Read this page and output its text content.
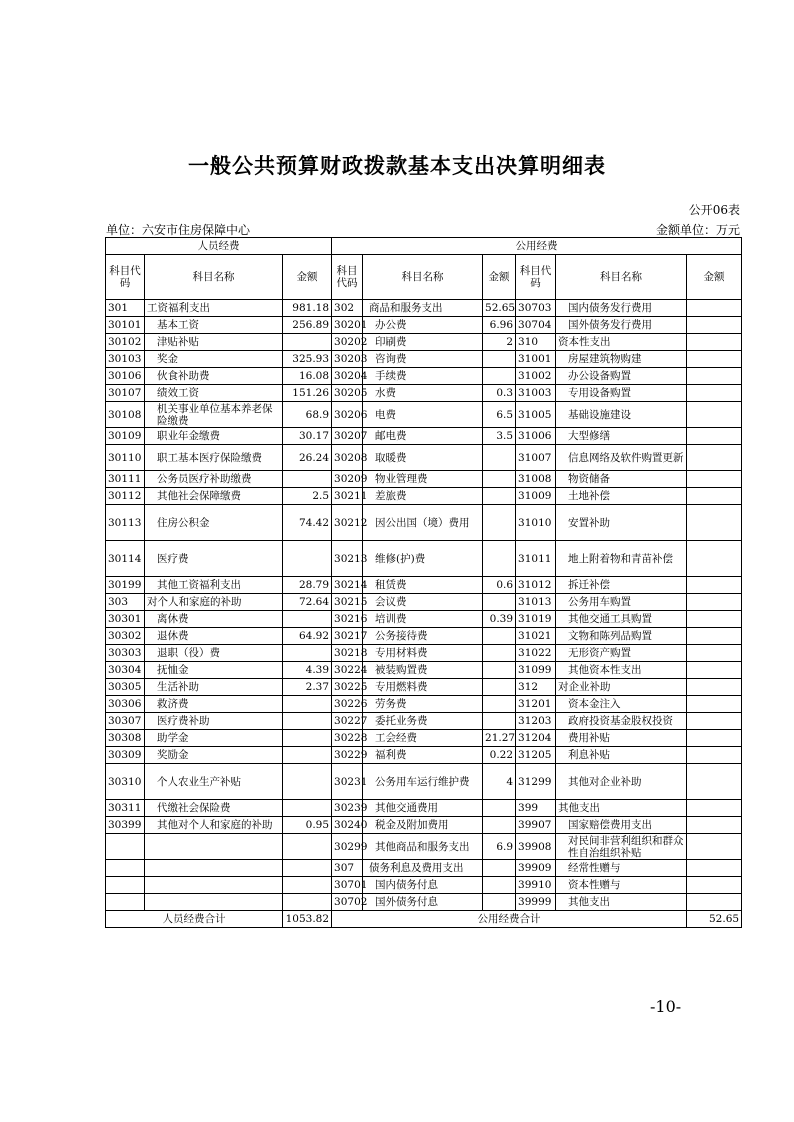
一般公共预算财政拨款基本支出决算明细表
公开06表
单位：六安市住房保障中心	金额单位：万元
人员经费			公用经费					
科目代码	科目名称	金额	科目代码	科目名称	金额	科目代码	科目名称	金额
301	工资福利支出	981.18	302	商品和服务支出	52.65	30703	国内债务发行费用	
30101	基本工资	256.89	30201	办公费	6.96	30704	国外债务发行费用	
30102	津贴补贴		30202	印刷费	2	310	资本性支出	
30103	奖金	325.93	30203	咨询费		31001	房屋建筑物购建	
30106	伙食补助费	16.08	30204	手续费		31002	办公设备购置	
30107	绩效工资	151.26	30205	水费	0.3	31003	专用设备购置	
30108	机关事业单位基本养老保险缴费	68.9	30206	电费	6.5	31005	基础设施建设	
30109	职业年金缴费	30.17	30207	邮电费	3.5	31006	大型修缮	
30110	职工基本医疗保险缴费	26.24	30208	取暖费		31007	信息网络及软件购置更新	
30111	公务员医疗补助缴费		30209	物业管理费		31008	物资储备	
30112	其他社会保障缴费	2.5	30211	差旅费		31009	土地补偿	
30113	住房公积金	74.42	30212	因公出国（境）费用		31010	安置补助	
30114	医疗费		30213	维修(护)费		31011	地上附着物和青苗补偿	
30199	其他工资福利支出	28.79	30214	租赁费	0.6	31012	拆迁补偿	
303	对个人和家庭的补助	72.64	30215	会议费		31013	公务用车购置	
30301	离休费		30216	培训费	0.39	31019	其他交通工具购置	
30302	退休费	64.92	30217	公务接待费		31021	文物和陈列品购置	
30303	退职（役）费		30218	专用材料费		31022	无形资产购置	
30304	抚恤金	4.39	30224	被装购置费		31099	其他资本性支出	
30305	生活补助	2.37	30225	专用燃料费		312	对企业补助	
30306	救济费		30226	劳务费		31201	资本金注入	
30307	医疗费补助		30227	委托业务费		31203	政府投资基金股权投资	
30308	助学金		30228	工会经费	21.27	31204	费用补贴	
30309	奖励金		30229	福利费	0.22	31205	利息补贴	
30310	个人农业生产补贴		30231	公务用车运行维护费	4	31299	其他对企业补助	
30311	代缴社会保险费		30239	其他交通费用		399	其他支出	
30399	其他对个人和家庭的补助	0.95	30240	税金及附加费用		39907	国家赔偿费用支出	
			30299	其他商品和服务支出	6.9	39908	对民间非营利组织和群众性自治组织补贴	
			307	债务利息及费用支出		39909	经常性赠与	
			30701	国内债务付息		39910	资本性赠与	
			30702	国外债务付息		39999	其他支出	
人员经费合计		1053.82	公用经费合计					52.65
-10-
